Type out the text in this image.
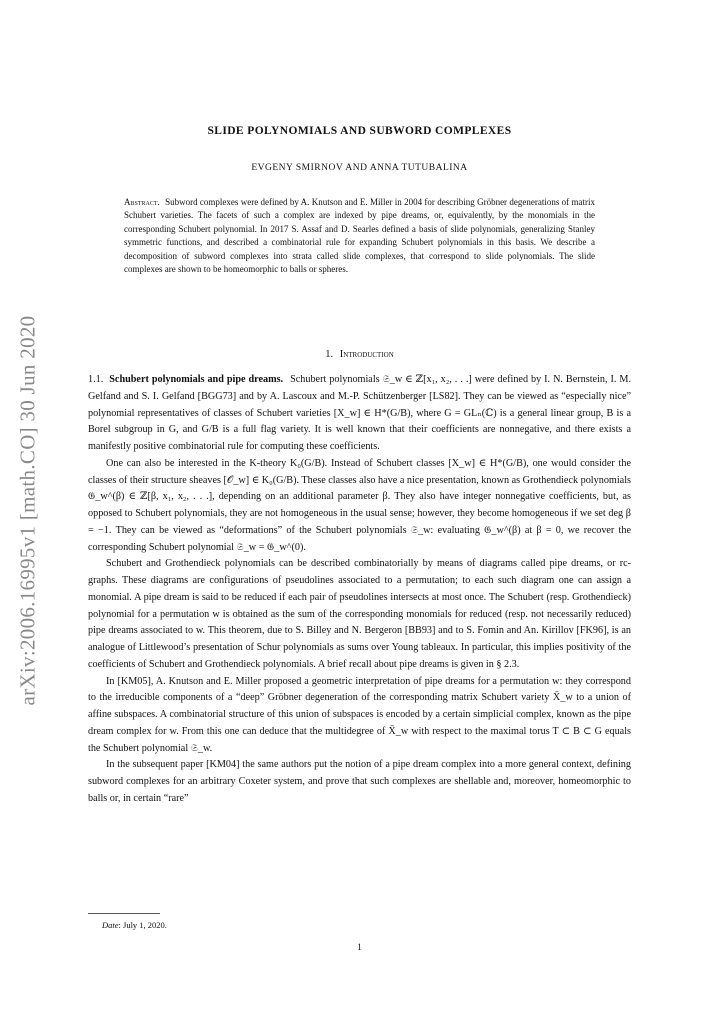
arXiv:2006.16995v1 [math.CO] 30 Jun 2020
SLIDE POLYNOMIALS AND SUBWORD COMPLEXES

EVGENY SMIRNOV AND ANNA TUTUBALINA

Abstract. Subword complexes were defined by A. Knutson and E. Miller in 2004 for describing Gröbner degenerations of matrix Schubert varieties. The facets of such a complex are indexed by pipe dreams, or, equivalently, by the monomials in the corresponding Schubert polynomial. In 2017 S. Assaf and D. Searles defined a basis of slide polynomials, generalizing Stanley symmetric functions, and described a combinatorial rule for expanding Schubert polynomials in this basis. We describe a decomposition of subword complexes into strata called slide complexes, that correspond to slide polynomials. The slide complexes are shown to be homeomorphic to balls or spheres.

1. Introduction

1.1. Schubert polynomials and pipe dreams. Schubert polynomials 𝔖_w ∈ ℤ[x₁, x₂, . . .] were defined by I. N. Bernstein, I. M. Gelfand and S. I. Gelfand [BGG73] and by A. Lascoux and M.-P. Schützenberger [LS82]. They can be viewed as “especially nice” polynomial representatives of classes of Schubert varieties [X_w] ∈ H*(G/B), where G = GLₙ(ℂ) is a general linear group, B is a Borel subgroup in G, and G/B is a full flag variety. It is well known that their coefficients are nonnegative, and there exists a manifestly positive combinatorial rule for computing these coefficients.

One can also be interested in the K-theory K₀(G/B). Instead of Schubert classes [X_w] ∈ H*(G/B), one would consider the classes of their structure sheaves [𝒪_w] ∈ K₀(G/B). These classes also have a nice presentation, known as Grothendieck polynomials 𝔊_w^(β) ∈ ℤ[β, x₁, x₂, . . .], depending on an additional parameter β. They also have integer nonnegative coefficients, but, as opposed to Schubert polynomials, they are not homogeneous in the usual sense; however, they become homogeneous if we set deg β = −1. They can be viewed as “deformations” of the Schubert polynomials 𝔖_w: evaluating 𝔊_w^(β) at β = 0, we recover the corresponding Schubert polynomial 𝔖_w = 𝔊_w^(0).

Schubert and Grothendieck polynomials can be described combinatorially by means of diagrams called pipe dreams, or rc-graphs. These diagrams are configurations of pseudolines associated to a permutation; to each such diagram one can assign a monomial. A pipe dream is said to be reduced if each pair of pseudolines intersects at most once. The Schubert (resp. Grothendieck) polynomial for a permutation w is obtained as the sum of the corresponding monomials for reduced (resp. not necessarily reduced) pipe dreams associated to w. This theorem, due to S. Billey and N. Bergeron [BB93] and to S. Fomin and An. Kirillov [FK96], is an analogue of Littlewood’s presentation of Schur polynomials as sums over Young tableaux. In particular, this implies positivity of the coefficients of Schubert and Grothendieck polynomials. A brief recall about pipe dreams is given in § 2.3.

In [KM05], A. Knutson and E. Miller proposed a geometric interpretation of pipe dreams for a permutation w: they correspond to the irreducible components of a “deep” Gröbner degeneration of the corresponding matrix Schubert variety X̄_w to a union of affine subspaces. A combinatorial structure of this union of subspaces is encoded by a certain simplicial complex, known as the pipe dream complex for w. From this one can deduce that the multidegree of X̄_w with respect to the maximal torus T ⊂ B ⊂ G equals the Schubert polynomial 𝔖_w.

In the subsequent paper [KM04] the same authors put the notion of a pipe dream complex into a more general context, defining subword complexes for an arbitrary Coxeter system, and prove that such complexes are shellable and, moreover, homeomorphic to balls or, in certain “rare”

Date: July 1, 2020.

1
